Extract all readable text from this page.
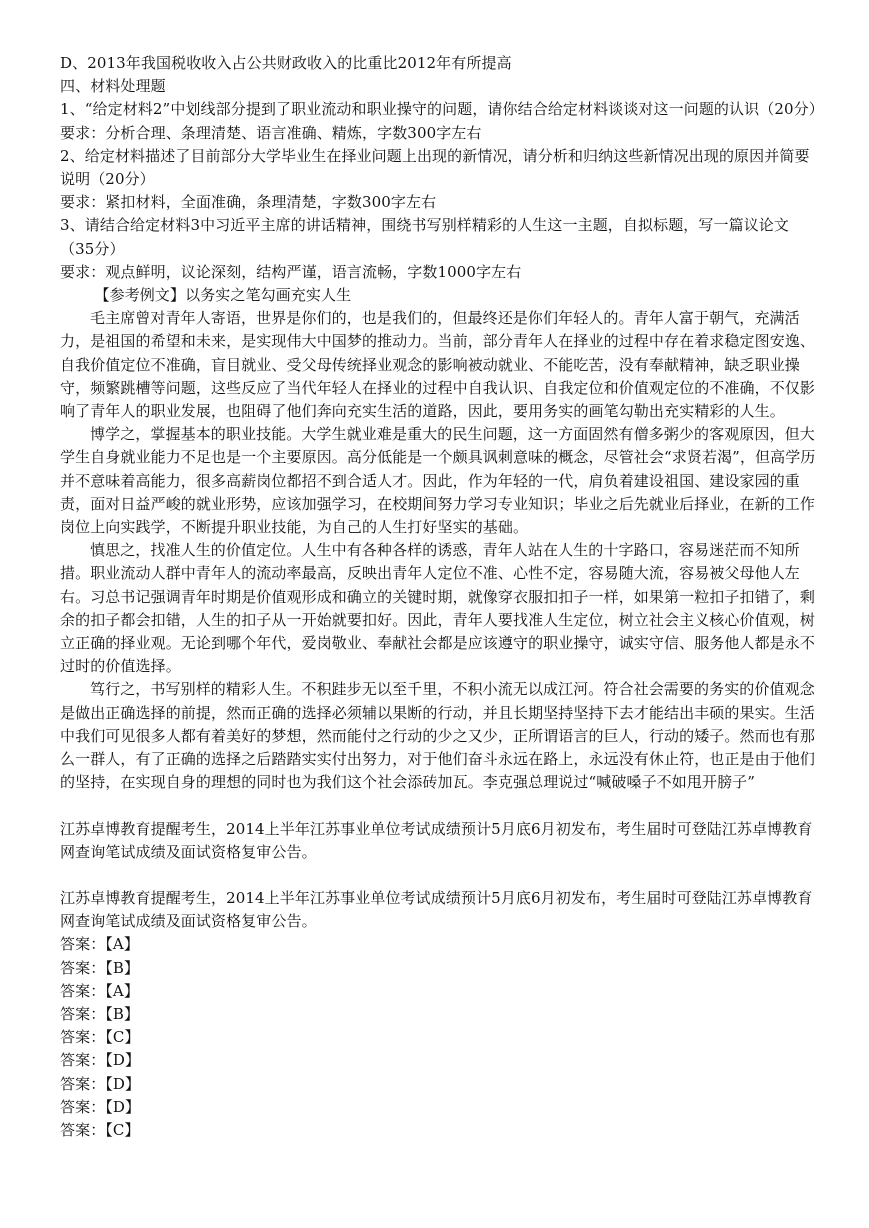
D、2013年我国税收收入占公共财政收入的比重比2012年有所提高

四、材料处理题

1、“给定材料2”中划线部分提到了职业流动和职业操守的问题，请你结合给定材料谈谈对这一问题的认识（20分）

要求：分析合理、条理清楚、语言准确、精炼，字数300字左右

2、给定材料描述了目前部分大学毕业生在择业问题上出现的新情况，请分析和归纳这些新情况出现的原因并简要说明（20分）

要求：紧扣材料，全面准确，条理清楚，字数300字左右

3、请结合给定材料3中习近平主席的讲话精神，围绕书写别样精彩的人生这一主题，自拟标题，写一篇议论文（35分）

要求：观点鲜明，议论深刻，结构严谨，语言流畅，字数1000字左右

【参考例文】以务实之笔勾画充实人生

毛主席曾对青年人寄语，世界是你们的，也是我们的，但最终还是你们年轻人的。青年人富于朝气，充满活力，是祖国的希望和未来，是实现伟大中国梦的推动力。当前，部分青年人在择业的过程中存在着求稳定图安逸、自我价值定位不准确，盲目就业、受父母传统择业观念的影响被动就业、不能吃苦，没有奉献精神，缺乏职业操守，频繁跳槽等问题，这些反应了当代年轻人在择业的过程中自我认识、自我定位和价值观定位的不准确，不仅影响了青年人的职业发展，也阻碍了他们奔向充实生活的道路，因此，要用务实的画笔勾勒出充实精彩的人生。

博学之，掌握基本的职业技能。大学生就业难是重大的民生问题，这一方面固然有僧多粥少的客观原因，但大学生自身就业能力不足也是一个主要原因。高分低能是一个颇具讽刺意味的概念，尽管社会“求贤若渴”，但高学历并不意味着高能力，很多高薪岗位都招不到合适人才。因此，作为年轻的一代，肩负着建设祖国、建设家园的重责，面对日益严峻的就业形势，应该加强学习，在校期间努力学习专业知识；毕业之后先就业后择业，在新的工作岗位上向实践学，不断提升职业技能，为自己的人生打好坚实的基础。

慎思之，找准人生的价值定位。人生中有各种各样的诱惑，青年人站在人生的十字路口，容易迷茫而不知所措。职业流动人群中青年人的流动率最高，反映出青年人定位不准、心性不定，容易随大流，容易被父母他人左右。习总书记强调青年时期是价值观形成和确立的关键时期，就像穿衣服扣扣子一样，如果第一粒扣子扣错了，剩余的扣子都会扣错，人生的扣子从一开始就要扣好。因此，青年人要找准人生定位，树立社会主义核心价值观，树立正确的择业观。无论到哪个年代，爱岗敬业、奉献社会都是应该遵守的职业操守，诚实守信、服务他人都是永不过时的价值选择。

笃行之，书写别样的精彩人生。不积跬步无以至千里，不积小流无以成江河。符合社会需要的务实的价值观念是做出正确选择的前提，然而正确的选择必须辅以果断的行动，并且长期坚持坚持下去才能结出丰硕的果实。生活中我们可见很多人都有着美好的梦想，然而能付之行动的少之又少，正所谓语言的巨人，行动的矮子。然而也有那么一群人，有了正确的选择之后踏踏实实付出努力，对于他们奋斗永远在路上，永远没有休止符，也正是由于他们的坚持，在实现自身的理想的同时也为我们这个社会添砖加瓦。李克强总理说过“喊破嗓子不如甩开膀子”

江苏卓博教育提醒考生，2014上半年江苏事业单位考试成绩预计5月底6月初发布，考生届时可登陆江苏卓博教育网查询笔试成绩及面试资格复审公告。

江苏卓博教育提醒考生，2014上半年江苏事业单位考试成绩预计5月底6月初发布，考生届时可登陆江苏卓博教育网查询笔试成绩及面试资格复审公告。

答案：【A】
答案：【B】
答案：【A】
答案：【B】
答案：【C】
答案：【D】
答案：【D】
答案：【D】
答案：【C】
